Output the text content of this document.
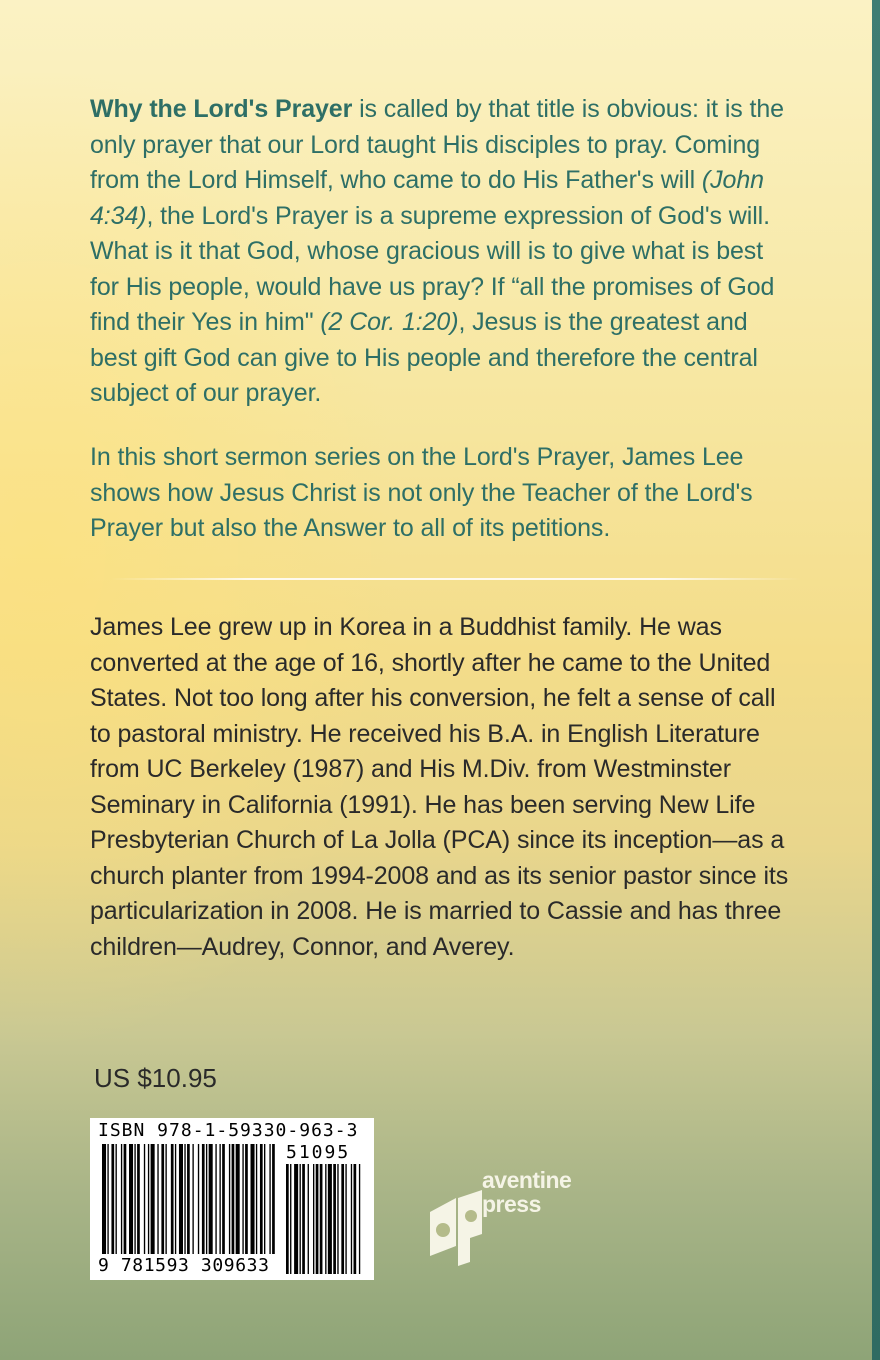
Why the Lord's Prayer is called by that title is obvious: it is the only prayer that our Lord taught His disciples to pray. Coming from the Lord Himself, who came to do His Father's will (John 4:34), the Lord's Prayer is a supreme expression of God's will. What is it that God, whose gracious will is to give what is best for His people, would have us pray? If “all the promises of God find their Yes in him" (2 Cor. 1:20), Jesus is the greatest and best gift God can give to His people and therefore the central subject of our prayer.

In this short sermon series on the Lord's Prayer, James Lee shows how Jesus Christ is not only the Teacher of the Lord's Prayer but also the Answer to all of its petitions.

James Lee grew up in Korea in a Buddhist family. He was converted at the age of 16, shortly after he came to the United States. Not too long after his conversion, he felt a sense of call to pastoral ministry. He received his B.A. in English Literature from UC Berkeley (1987) and His M.Div. from Westminster Seminary in California (1991). He has been serving New Life Presbyterian Church of La Jolla (PCA) since its inception—as a church planter from 1994-2008 and as its senior pastor since its particularization in 2008. He is married to Cassie and has three children—Audrey, Connor, and Averey.

US $10.95
ISBN 978-1-59330-963-3
51095
9 781593 309633
aventine
press
